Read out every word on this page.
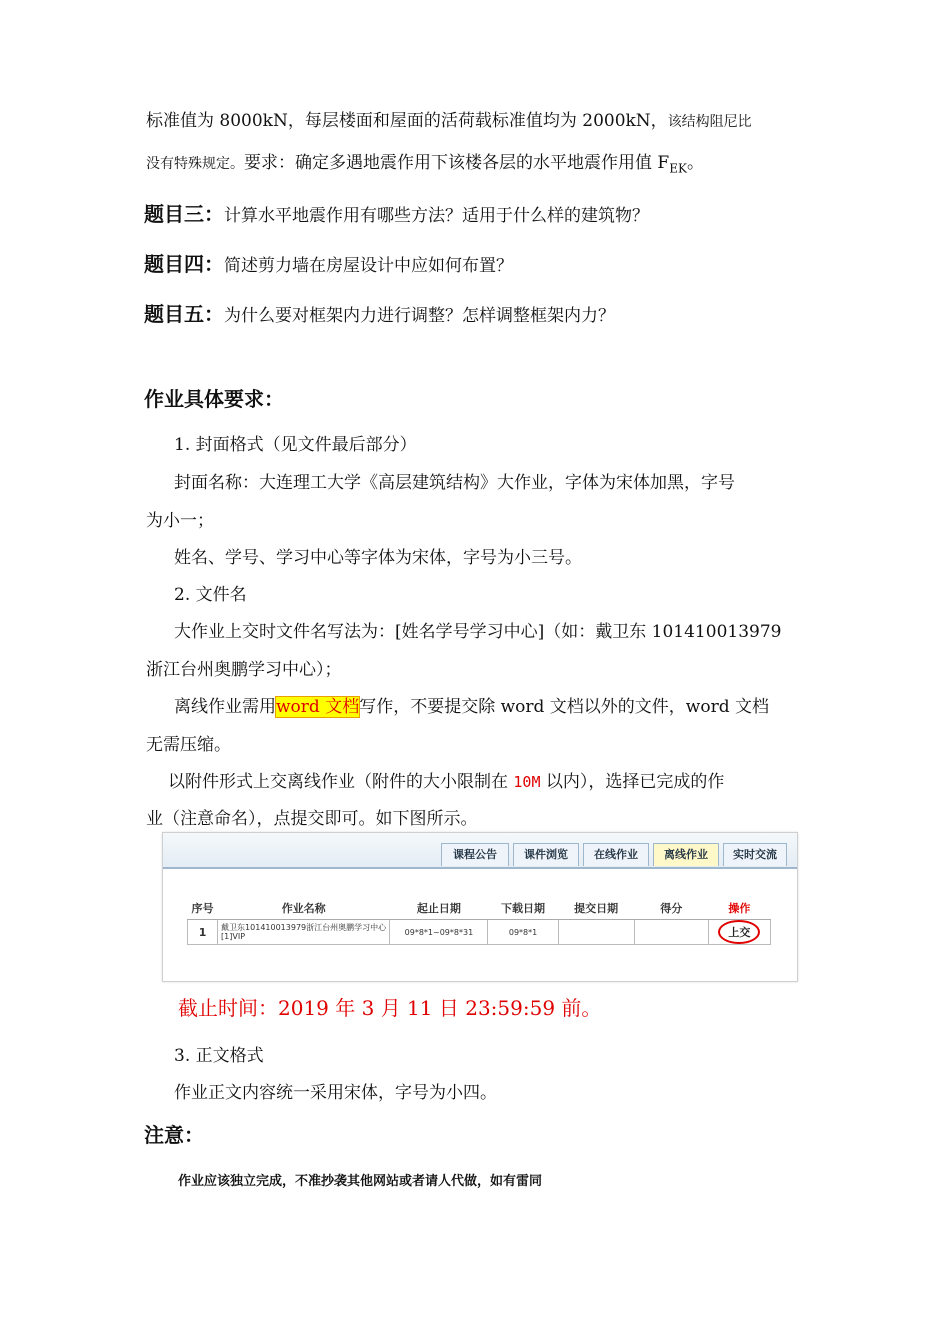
标准值为 8000kN，每层楼面和屋面的活荷载标准值均为 2000kN，该结构阻尼比
没有特殊规定。要求：确定多遇地震作用下该楼各层的水平地震作用值 $F_{EK}$。
题目三：计算水平地震作用有哪些方法？适用于什么样的建筑物？
题目四：简述剪力墙在房屋设计中应如何布置？
题目五：为什么要对框架内力进行调整？怎样调整框架内力？
作业具体要求：
1. 封面格式（见文件最后部分）
封面名称：大连理工大学《高层建筑结构》大作业，字体为宋体加黑，字号
为小一；
姓名、学号、学习中心等字体为宋体，字号为小三号。
2. 文件名
大作业上交时文件名写法为：[姓名学号学习中心]（如：戴卫东 101410013979
浙江台州奥鹏学习中心）；
离线作业需用word 文档写作，不要提交除 word 文档以外的文件，word 文档
无需压缩。
以附件形式上交离线作业（附件的大小限制在 10M 以内），选择已完成的作
业（注意命名），点提交即可。如下图所示。
课程公告	课件浏览	在线作业	离线作业	实时交流
序号	作业名称	起止日期	下载日期	提交日期	得分	操作
1	戴卫东101410013979浙江台州奥鹏学习中心[1]VIP	09*8*1~09*8*31	09*8*1			上交
截止时间：2019 年 3 月 11 日 23:59:59 前。
3. 正文格式
作业正文内容统一采用宋体，字号为小四。
注意：
作业应该独立完成，不准抄袭其他网站或者请人代做，如有雷同
